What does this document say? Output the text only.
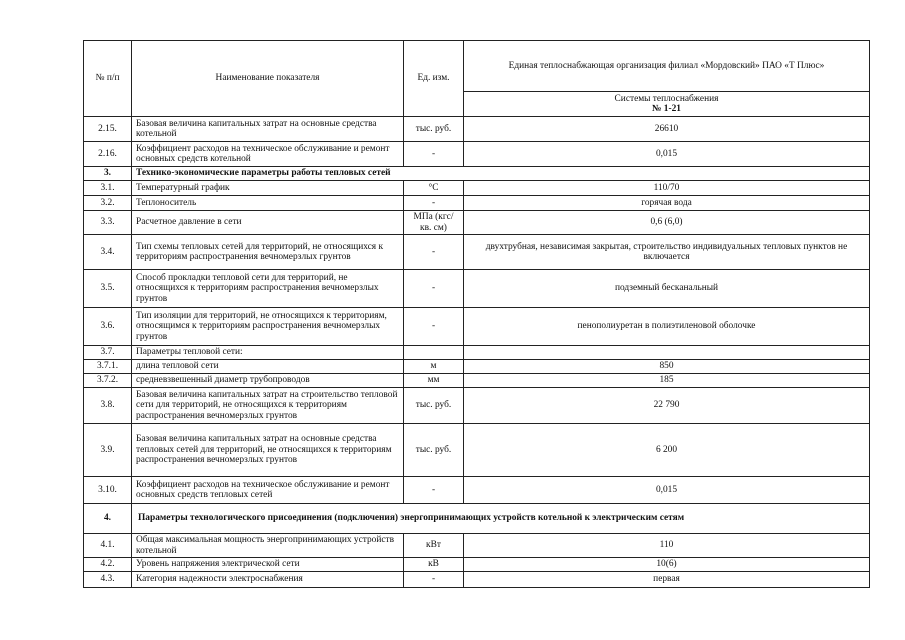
№ п/п	Наименование показателя	Ед. изм.	Единая теплоснабжающая организация филиал «Мордовский» ПАО «Т Плюс»

			Системы теплоснабжения
№ 1-21

2.15.	Базовая величина капитальных затрат на основные средства котельной	тыс. руб.	26610
2.16.	Коэффициент расходов на техническое обслуживание и ремонт основных средств котельной	-	0,015
3.	Технико-экономические параметры работы тепловых сетей		
3.1.	Температурный график	°С	110/70
3.2.	Теплоноситель	-	горячая вода
3.3.	Расчетное давление в сети	МПа (кгс/кв. см)	0,6 (6,0)
3.4.	Тип схемы тепловых сетей для территорий, не относящихся к территориям распространения вечномерзлых грунтов	-	двухтрубная, независимая закрытая, строительство индивидуальных тепловых пунктов не включается
3.5.	Способ прокладки тепловой сети для территорий, не относящихся к территориям распространения вечномерзлых грунтов	-	подземный бесканальный
3.6.	Тип изоляции для территорий, не относящихся к территориям, относящимся к территориям распространения вечномерзлых грунтов	-	пенополиуретан в полиэтиленовой оболочке
3.7.	Параметры тепловой сети:		
3.7.1.	длина тепловой сети	м	850
3.7.2.	средневзвешенный диаметр трубопроводов	мм	185
3.8.	Базовая величина капитальных затрат на строительство тепловой сети для территорий, не относящихся к территориям распространения вечномерзлых грунтов	тыс. руб.	22 790
3.9.	Базовая величина капитальных затрат на основные средства тепловых сетей для территорий, не относящихся к территориям распространения вечномерзлых грунтов	тыс. руб.	6 200
3.10.	Коэффициент расходов на техническое обслуживание и ремонт основных средств тепловых сетей	-	0,015
4.	Параметры технологического присоединения (подключения) энергопринимающих устройств котельной к электрическим сетям		
4.1.	Общая максимальная мощность энергопринимающих устройств котельной	кВт	110
4.2.	Уровень напряжения электрической сети	кВ	10(6)
4.3.	Категория надежности электроснабжения	-	первая
